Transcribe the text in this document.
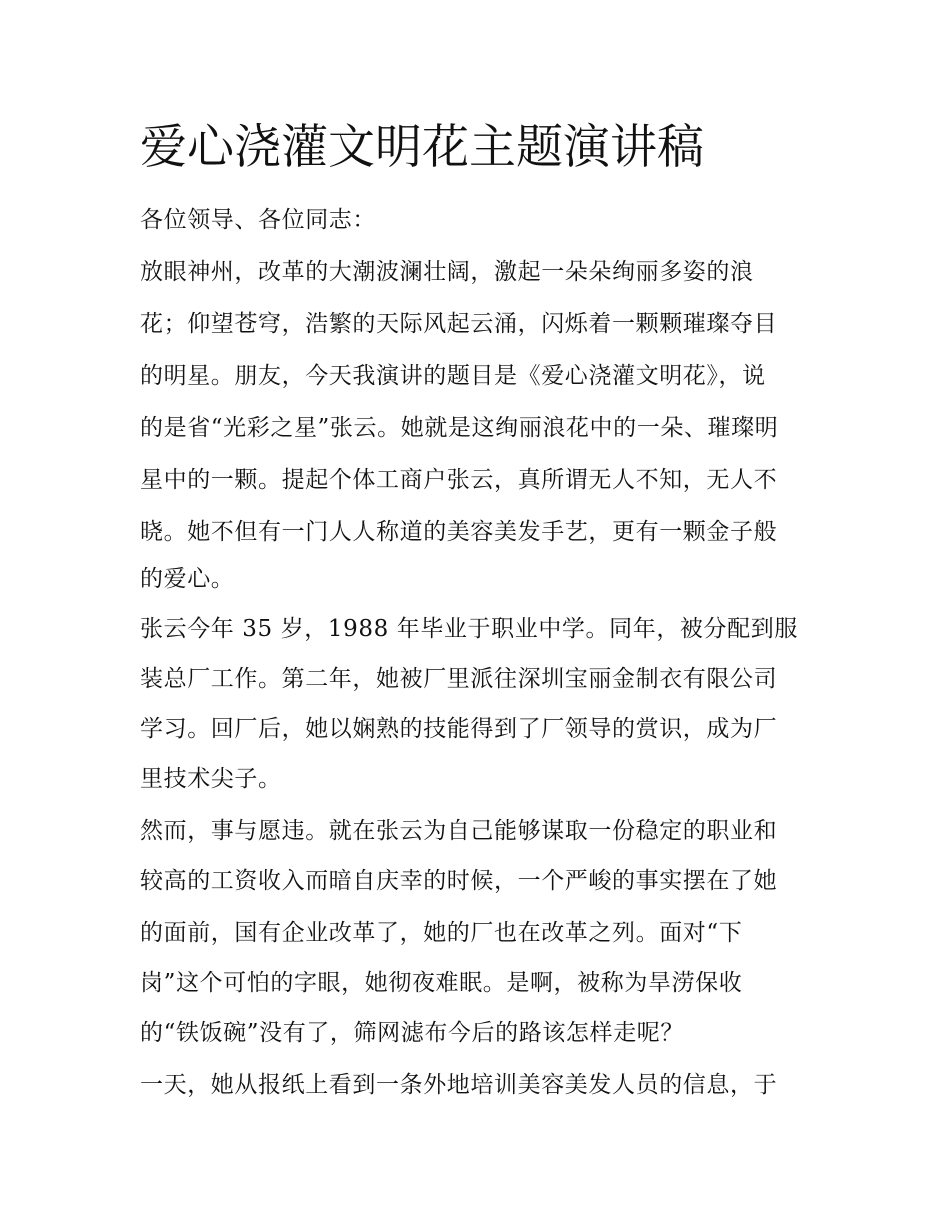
爱心浇灌文明花主题演讲稿

各位领导、各位同志：

放眼神州，改革的大潮波澜壮阔，激起一朵朵绚丽多姿的浪

花；仰望苍穹，浩繁的天际风起云涌，闪烁着一颗颗璀璨夺目

的明星。朋友，今天我演讲的题目是《爱心浇灌文明花》，说

的是省“光彩之星”张云。她就是这绚丽浪花中的一朵、璀璨明

星中的一颗。提起个体工商户张云，真所谓无人不知，无人不

晓。她不但有一门人人称道的美容美发手艺，更有一颗金子般

的爱心。

张云今年 35 岁，1988 年毕业于职业中学。同年，被分配到服

装总厂工作。第二年，她被厂里派往深圳宝丽金制衣有限公司

学习。回厂后，她以娴熟的技能得到了厂领导的赏识，成为厂

里技术尖子。

然而，事与愿违。就在张云为自己能够谋取一份稳定的职业和

较高的工资收入而暗自庆幸的时候，一个严峻的事实摆在了她

的面前，国有企业改革了，她的厂也在改革之列。面对“下

岗”这个可怕的字眼，她彻夜难眠。是啊，被称为旱涝保收

的“铁饭碗”没有了，筛网滤布今后的路该怎样走呢？

一天，她从报纸上看到一条外地培训美容美发人员的信息，于
